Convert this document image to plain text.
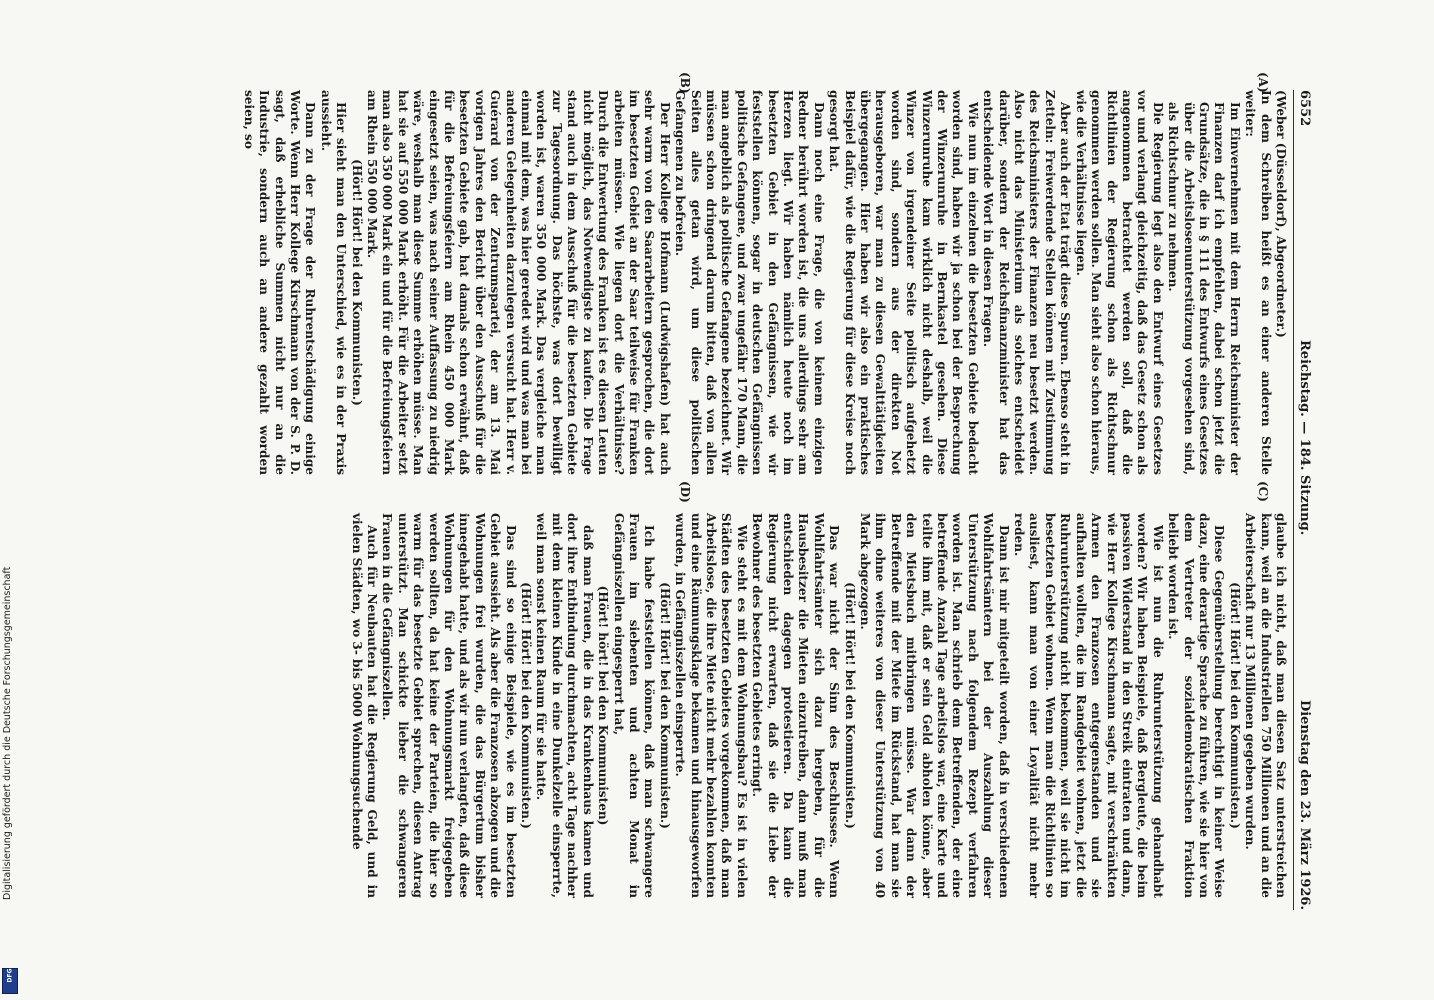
6552
Reichstag. — 184. Sitzung.
Dienstag den 23. März 1926.
(A)
(B)
(C)
(D)

(Weber (Düsseldorf), Abgeordneter.)

In dem Schreiben heißt es an einer anderen Stelle weiter:

Im Einvernehmen mit dem Herrn Reichsminister der Finanzen darf ich empfehlen, dabei schon jetzt die Grundsätze, die in § 111 des Entwurfs eines Gesetzes über die Arbeitslosenunterstützung vorgesehen sind, als Richtschnur zu nehmen.

Die Regierung legt also den Entwurf eines Gesetzes vor und verlangt gleichzeitig, daß das Gesetz schon als angenommen betrachtet werden soll, daß die Richtlinien der Regierung schon als Richtschnur genommen werden sollen. Man sieht also schon hieraus, wie die Verhältnisse liegen.

Aber auch der Etat trägt diese Spuren. Ebenso steht in Zetteln: Freiwerdende Stellen können mit Zustimmung des Reichsministers der Finanzen neu besetzt werden. Also nicht das Ministerium als solches entscheidet darüber, sondern der Reichsfinanzminister hat das entscheidende Wort in diesen Fragen.

Wie nun im einzelnen die besetzten Gebiete bedacht worden sind, haben wir ja schon bei der Besprechung der Winzerunruhe in Bernkastel gesehen. Diese Winzerunruhe kam wirklich nicht deshalb, weil die Winzer von irgendeiner Seite politisch aufgehetzt worden sind, sondern aus der direkten Not herausgeboren, war man zu diesen Gewalttätigkeiten übergegangen. Hier haben wir also ein praktisches Beispiel dafür, wie die Regierung für diese Kreise noch gesorgt hat.

Dann noch eine Frage, die von keinem einzigen Redner berührt worden ist, die uns allerdings sehr am Herzen liegt. Wir haben nämlich heute noch im besetzten Gebiet in den Gefängnissen, wie wir feststellen können, sogar in deutschen Gefängnissen politische Gefangene, und zwar ungefähr 170 Mann, die man angeblich als politische Gefangene bezeichnet. Wir müssen schon dringend darum bitten, daß von allen Seiten alles getan wird, um diese politischen Gefangenen zu befreien.

Der Herr Kollege Hofmann (Ludwigshafen) hat auch sehr warm von den Saararbeitern gesprochen, die dort im besetzten Gebiet an der Saar teilweise für Franken arbeiten müssen. Wie liegen dort die Verhältnisse? Durch die Entwertung des Franken ist es diesen Leuten nicht möglich, das Notwendigste zu kaufen. Die Frage stand auch in dem Ausschuß für die besetzten Gebiete zur Tagesordnung. Das höchste, was dort bewilligt worden ist, waren 350 000 Mark. Das vergleiche man einmal mit dem, was hier geredet wird und was man bei anderen Gelegenheiten darzulegen versucht hat. Herr v. Guérard von der Zentrumspartei, der am 13. Mai vorigen Jahres den Bericht über den Ausschuß für die besetzten Gebiete gab, hat damals schon erwähnt, daß für die Befreiungsfeiern am Rhein 450 000 Mark eingesetzt seien, was nach seiner Auffassung zu niedrig wäre, weshalb man diese Summe erhöhen müsse. Man hat sie auf 550 000 Mark erhöht. Für die Arbeiter setzt man also 350 000 Mark ein und für die Befreiungsfeiern am Rhein 550 000 Mark.

(Hört! Hört! bei den Kommunisten.)

Hier sieht man den Unterschied, wie es in der Praxis aussieht.

Dann zu der Frage der Ruhrentschädigung einige Worte. Wenn Herr Kollege Kirschmann von der S. P. D. sagt, daß erhebliche Summen nicht nur an die Industrie, sondern auch an andere gezahlt worden seien, so

glaube ich nicht, daß man diesen Satz unterstreichen kann, weil an die Industriellen 750 Millionen und an die Arbeiterschaft nur 13 Millionen gegeben wurden.

(Hört! Hört! bei den Kommunisten.)

Diese Gegenüberstellung berechtigt in keiner Weise dazu, eine derartige Sprache zu führen, wie sie hier von dem Vertreter der sozialdemokratischen Fraktion beliebt worden ist.

Wie ist nun die Ruhrunterstützung gehandhabt worden? Wir haben Beispiele, daß Bergleute, die beim passiven Widerstand in den Streik eintraten und dann, wie Herr Kollege Kirschmann sagte, mit verschränkten Armen den Franzosen entgegenstanden und sie aufhalten wollten, die im Randgebiet wohnen, jetzt die Ruhrunterstützung nicht bekommen, weil sie nicht im besetzten Gebiet wohnen. Wenn man die Richtlinien so ausliest, kann man von einer Loyalität nicht mehr reden.

Dann ist mir mitgeteilt worden, daß in verschiedenen Wohlfahrtsämtern bei der Auszahlung dieser Unterstützung nach folgendem Rezept verfahren worden ist. Man schrieb dem Betreffenden, der eine betreffende Anzahl Tage arbeitslos war, eine Karte und teilte ihm mit, daß er sein Geld abholen könne, aber den Mietsbuch mitbringen müsse. War dann der Betreffende mit der Miete im Rückstand, hat man sie ihm ohne weiteres von dieser Unterstützung von 40 Mark abgezogen.

(Hört! Hört! bei den Kommunisten.)

Das war nicht der Sinn des Beschlusses. Wenn Wohlfahrtsämter sich dazu hergeben, für die Hausbesitzer die Mieten einzutreiben, dann muß man entschieden dagegen protestieren. Da kann die Regierung nicht erwarten, daß sie die Liebe der Bewohner des besetzten Gebietes erringt.

Wie steht es mit dem Wohnungsbau? Es ist in vielen Städten des besetzten Gebietes vorgekommen, daß man Arbeitslose, die ihre Miete nicht mehr bezahlen konnten und eine Räumungsklage bekamen und hinausgeworfen wurden, in Gefängniszellen einsperrte.

(Hört! Hört! bei den Kommunisten.)

Ich habe feststellen können, daß man schwangere Frauen im siebenten und achten Monat in Gefängniszellen eingesperrt hat,

(Hört! hört! bei den Kommunisten)

daß man Frauen, die in das Krankenhaus kamen und dort ihre Entbindung durchmachten, acht Tage nachher mit dem kleinen Kinde in eine Dunkelzelle einsperrte, weil man sonst keinen Raum für sie hatte.

(Hört! Hört! bei den Kommunisten.)

Das sind so einige Beispiele, wie es im besetzten Gebiet aussieht. Als aber die Franzosen abzogen und die Wohnungen frei wurden, die das Bürgertum bisher innegehabt hatte, und als wir nun verlangten, daß diese Wohnungen für den Wohnungsmarkt freigegeben werden sollten, da hat keine der Parteien, die hier so warm für das besetzte Gebiet sprechen, diesen Antrag unterstützt. Man schickte lieber die schwangeren Frauen in die Gefängniszellen.

Auch für Neubauten hat die Regierung Geld, und in vielen Städten, wo 3- bis 5000 Wohnungsuchende

Digitalisierung gefördert durch die Deutsche Forschungsgemeinschaft
DFG
